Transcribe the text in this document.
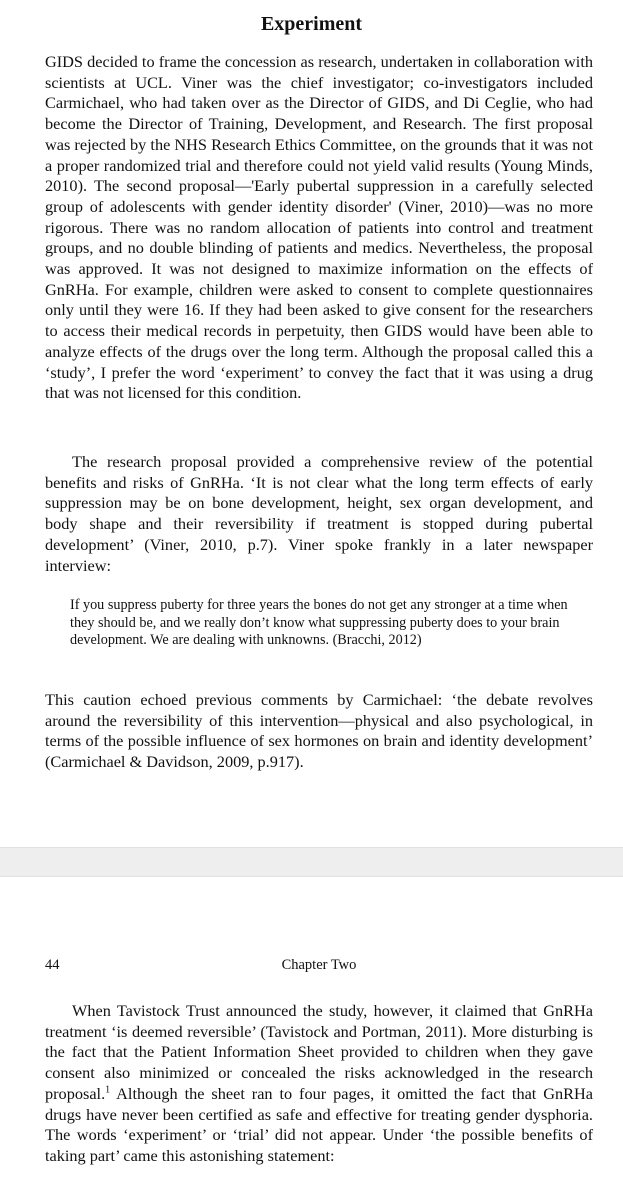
Experiment

GIDS decided to frame the concession as research, undertaken in collaboration with scientists at UCL. Viner was the chief investigator; co-investigators included Carmichael, who had taken over as the Director of GIDS, and Di Ceglie, who had become the Director of Training, Development, and Research. The first proposal was rejected by the NHS Research Ethics Committee, on the grounds that it was not a proper randomized trial and therefore could not yield valid results (Young Minds, 2010). The second proposal—'Early pubertal suppression in a carefully selected group of adolescents with gender identity disorder' (Viner, 2010)—was no more rigorous. There was no random allocation of patients into control and treatment groups, and no double blinding of patients and medics. Nevertheless, the proposal was approved. It was not designed to maximize information on the effects of GnRHa. For example, children were asked to consent to complete questionnaires only until they were 16. If they had been asked to give consent for the researchers to access their medical records in perpetuity, then GIDS would have been able to analyze effects of the drugs over the long term. Although the proposal called this a ‘study’, I prefer the word ‘experiment’ to convey the fact that it was using a drug that was not licensed for this condition.

The research proposal provided a comprehensive review of the potential benefits and risks of GnRHa. ‘It is not clear what the long term effects of early suppression may be on bone development, height, sex organ development, and body shape and their reversibility if treatment is stopped during pubertal development’ (Viner, 2010, p.7). Viner spoke frankly in a later newspaper interview:

If you suppress puberty for three years the bones do not get any stronger at a time when they should be, and we really don’t know what suppressing puberty does to your brain development. We are dealing with unknowns. (Bracchi, 2012)

This caution echoed previous comments by Carmichael: ‘the debate revolves around the reversibility of this intervention—physical and also psychological, in terms of the possible influence of sex hormones on brain and identity development’ (Carmichael & Davidson, 2009, p.917).

44	Chapter Two

When Tavistock Trust announced the study, however, it claimed that GnRHa treatment ‘is deemed reversible’ (Tavistock and Portman, 2011). More disturbing is the fact that the Patient Information Sheet provided to children when they gave consent also minimized or concealed the risks acknowledged in the research proposal.$^1$ Although the sheet ran to four pages, it omitted the fact that GnRHa drugs have never been certified as safe and effective for treating gender dysphoria. The words ‘experiment’ or ‘trial’ did not appear. Under ‘the possible benefits of taking part’ came this astonishing statement:
